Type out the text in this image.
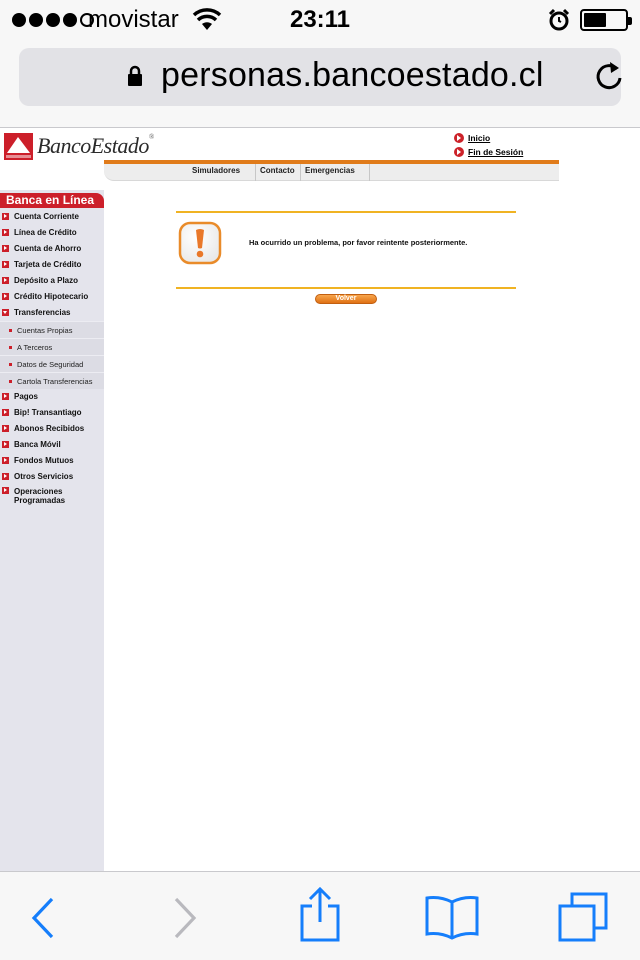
movistar	23:11
personas.bancoestado.cl
BancoEstado®	Inicio
Fin de Sesión
Simuladores	Contacto	Emergencias
Banca en Línea
Cuenta Corriente
Línea de Crédito
Cuenta de Ahorro
Tarjeta de Crédito
Depósito a Plazo
Crédito Hipotecario
Transferencias
Cuentas Propias
A Terceros
Datos de Seguridad
Cartola Transferencias
Pagos
Bip! Transantiago
Abonos Recibidos
Banca Móvil
Fondos Mutuos
Otros Servicios
Operaciones
Programadas
Ha ocurrido un problema, por favor reintente posteriormente.
Volver
